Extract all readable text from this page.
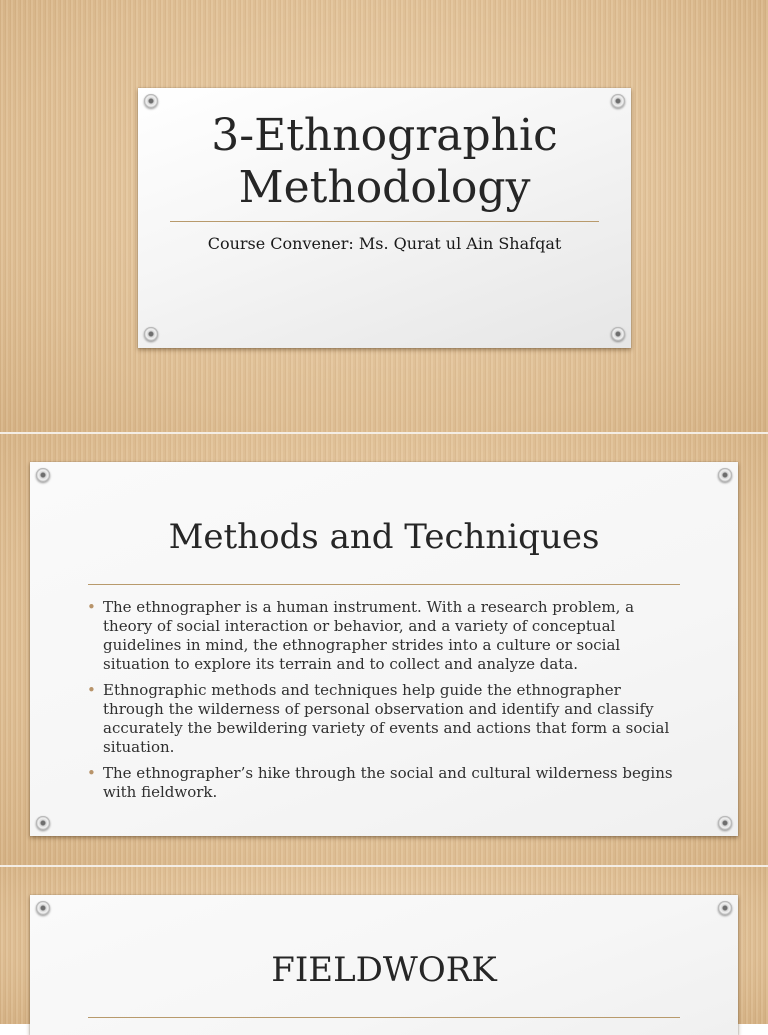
3-Ethnographic
Methodology
Course Convener: Ms. Qurat ul Ain Shafqat
Methods and Techniques
• The ethnographer is a human instrument. With a research problem, a theory of social interaction or behavior, and a variety of conceptual guidelines in mind, the ethnographer strides into a culture or social situation to explore its terrain and to collect and analyze data.
• Ethnographic methods and techniques help guide the ethnographer through the wilderness of personal observation and identify and classify accurately the bewildering variety of events and actions that form a social situation.
• The ethnographer’s hike through the social and cultural wilderness begins with fieldwork.
FIELDWORK
